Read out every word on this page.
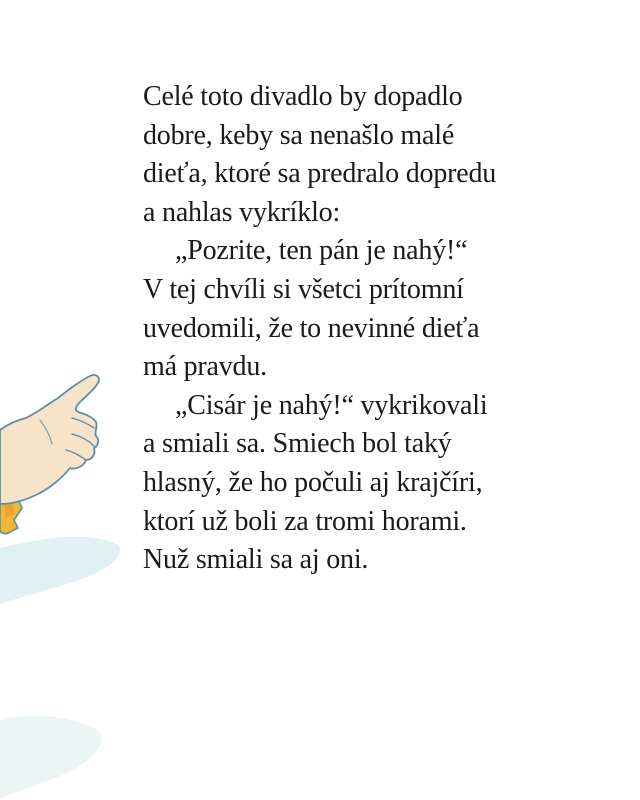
Celé toto divadlo by dopadlo
dobre, keby sa nenašlo malé
dieťa, ktoré sa predralo dopredu
a nahlas vykríklo:
„Pozrite, ten pán je nahý!“
V tej chvíli si všetci prítomní
uvedomili, že to nevinné dieťa
má pravdu.
„Cisár je nahý!“ vykrikovali
a smiali sa. Smiech bol taký
hlasný, že ho počuli aj krajčíri,
ktorí už boli za tromi horami.
Nuž smiali sa aj oni.
